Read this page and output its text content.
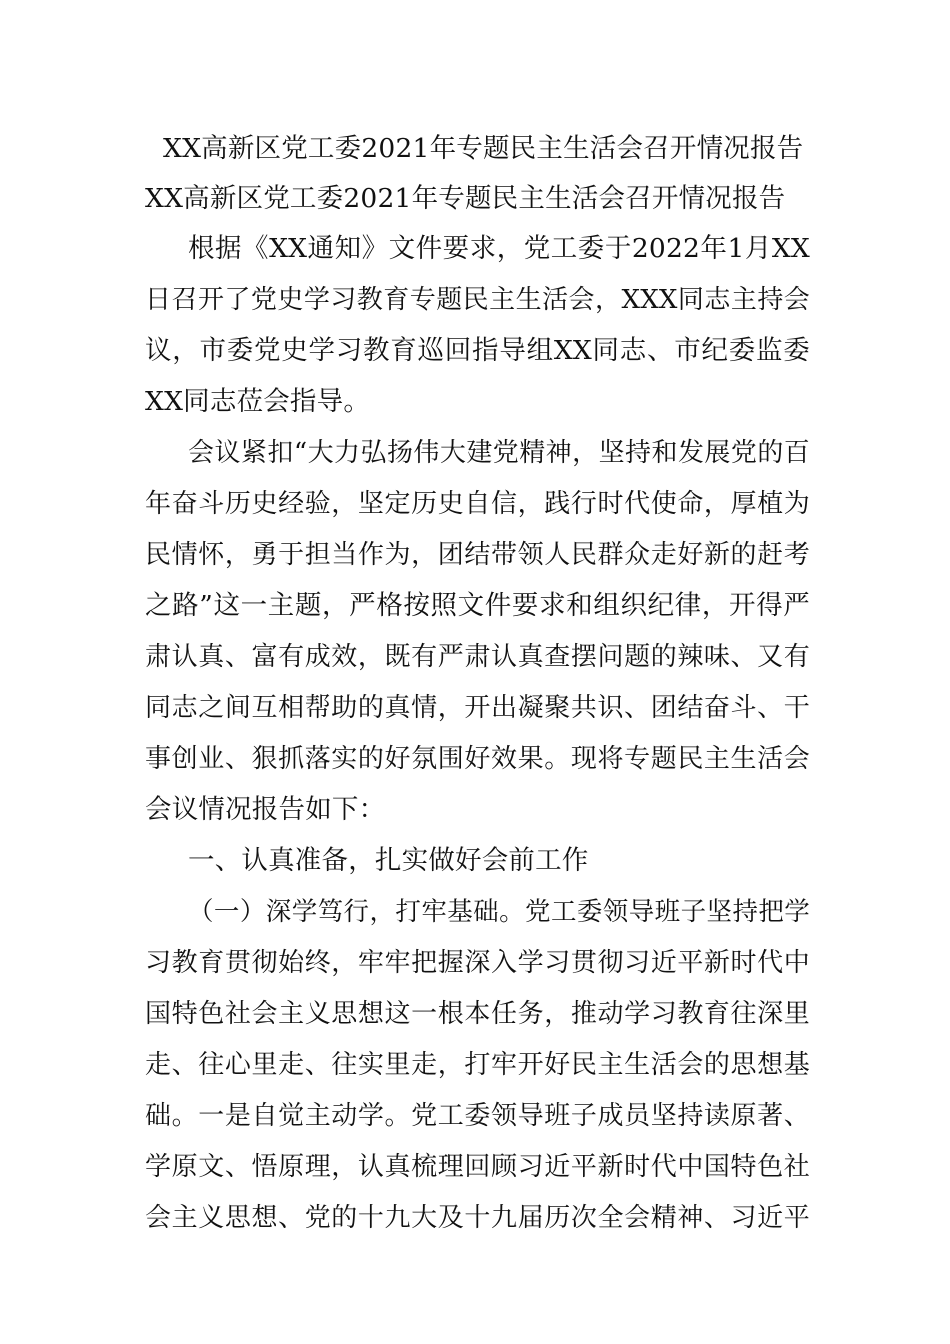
XX高新区党工委2021年专题民主生活会召开情况报告
XX高新区党工委2021年专题民主生活会召开情况报告
根据《XX通知》文件要求，党工委于2022年1月XX
日召开了党史学习教育专题民主生活会，XXX同志主持会
议，市委党史学习教育巡回指导组XX同志、市纪委监委
XX同志莅会指导。
会议紧扣“大力弘扬伟大建党精神，坚持和发展党的百
年奋斗历史经验，坚定历史自信，践行时代使命，厚植为
民情怀，勇于担当作为，团结带领人民群众走好新的赶考
之路”这一主题，严格按照文件要求和组织纪律，开得严
肃认真、富有成效，既有严肃认真查摆问题的辣味、又有
同志之间互相帮助的真情，开出凝聚共识、团结奋斗、干
事创业、狠抓落实的好氛围好效果。现将专题民主生活会
会议情况报告如下：
一、认真准备，扎实做好会前工作
（一）深学笃行，打牢基础。党工委领导班子坚持把学
习教育贯彻始终，牢牢把握深入学习贯彻习近平新时代中
国特色社会主义思想这一根本任务，推动学习教育往深里
走、往心里走、往实里走，打牢开好民主生活会的思想基
础。一是自觉主动学。党工委领导班子成员坚持读原著、
学原文、悟原理，认真梳理回顾习近平新时代中国特色社
会主义思想、党的十九大及十九届历次全会精神、习近平
